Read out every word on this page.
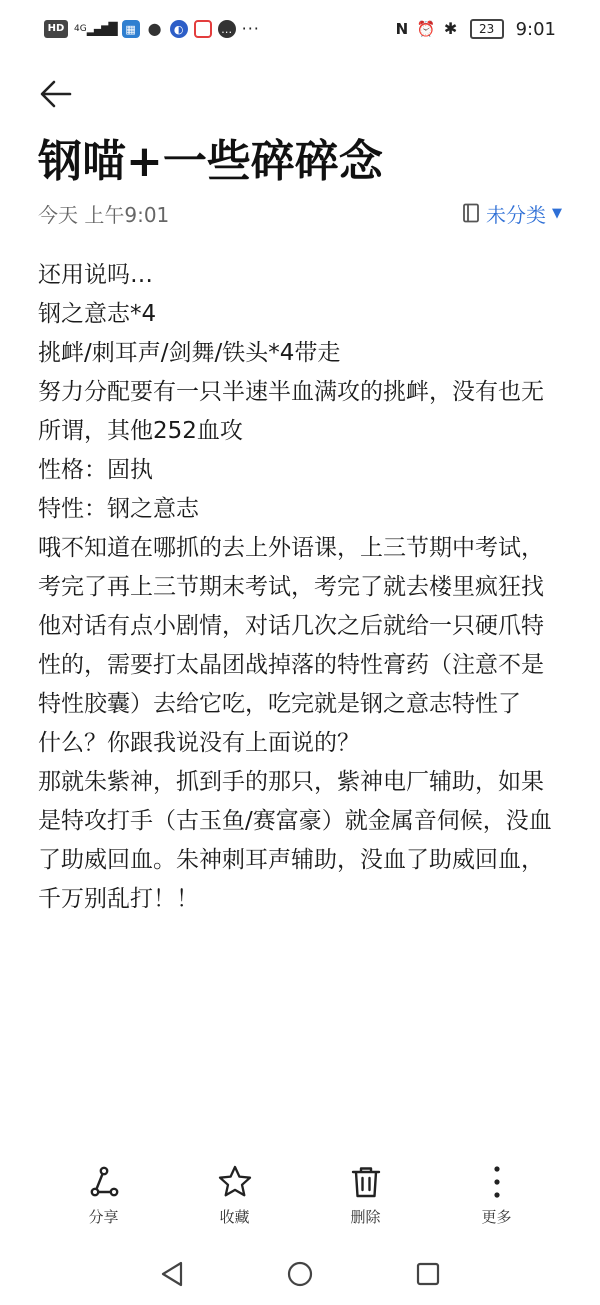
HD	4G ▂▄▆█ ▦ ●	◐	… ···	N ⏰ ✱	23	9:01
钢喵+一些碎碎念
今天 上午9:01	未分类 ▼

还用说吗…

钢之意志*4

挑衅/刺耳声/剑舞/铁头*4带走

努力分配要有一只半速半血满攻的挑衅，没有也无所谓，其他252血攻

性格：固执

特性：钢之意志

哦不知道在哪抓的去上外语课，上三节期中考试，考完了再上三节期末考试，考完了就去楼里疯狂找他对话有点小剧情，对话几次之后就给一只硬爪特性的，需要打太晶团战掉落的特性膏药（注意不是特性胶囊）去给它吃，吃完就是钢之意志特性了

什么？你跟我说没有上面说的？

那就朱紫神，抓到手的那只，紫神电厂辅助，如果是特攻打手（古玉鱼/赛富豪）就金属音伺候，没血了助威回血。朱神刺耳声辅助，没血了助威回血，千万别乱打！！

分享	收藏	删除	更多
